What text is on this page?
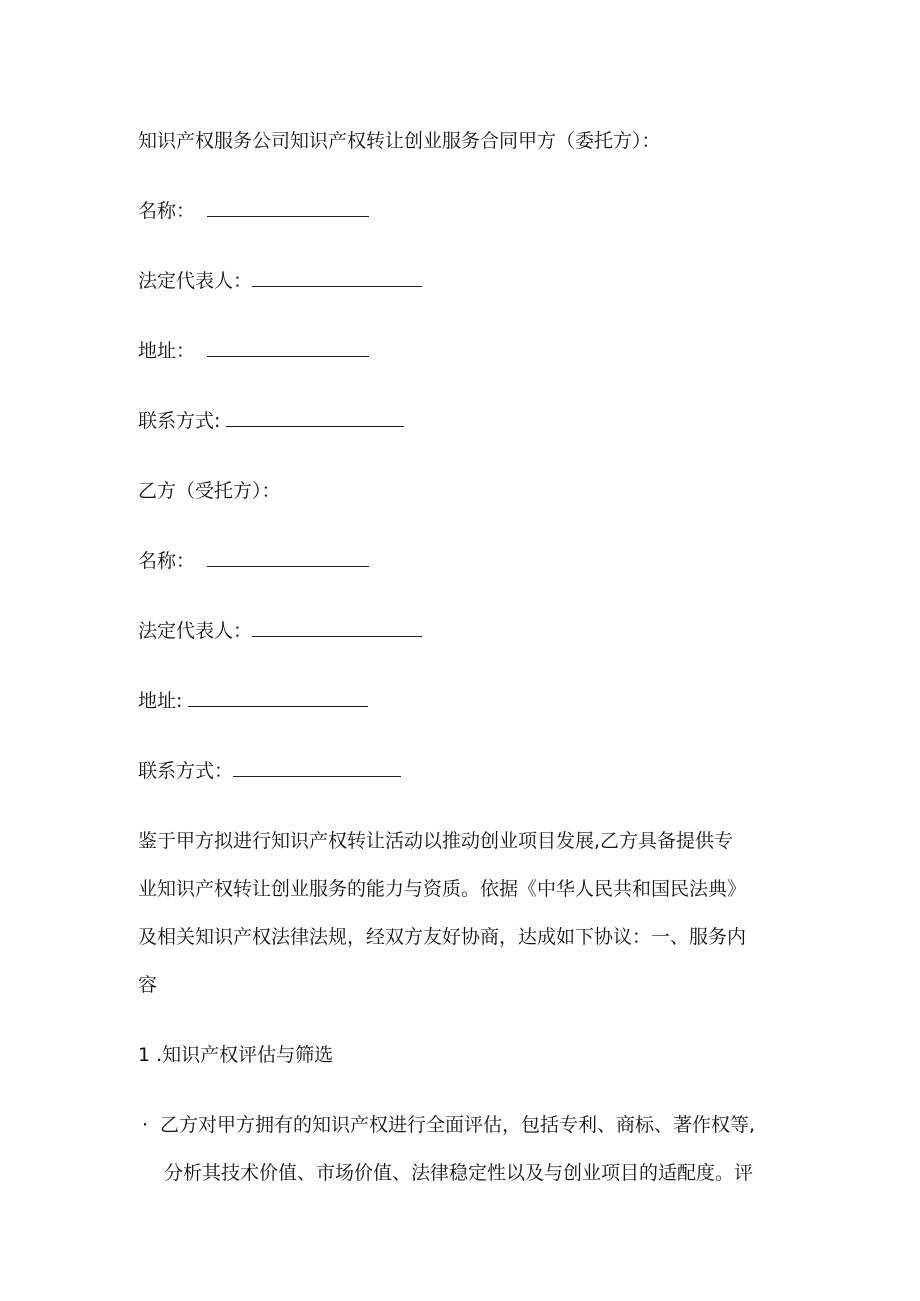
知识产权服务公司知识产权转让创业服务合同甲方（委托方）：
名称：
法定代表人：
地址：
联系方式:
乙方（受托方）：
名称：
法定代表人：
地址:
联系方式：
鉴于甲方拟进行知识产权转让活动以推动创业项目发展,乙方具备提供专
业知识产权转让创业服务的能力与资质。依据《中华人民共和国民法典》
及相关知识产权法律法规，经双方友好协商，达成如下协议：一、服务内
容
1 .知识产权评估与筛选
· 乙方对甲方拥有的知识产权进行全面评估，包括专利、商标、著作权等,
分析其技术价值、市场价值、法律稳定性以及与创业项目的适配度。评
